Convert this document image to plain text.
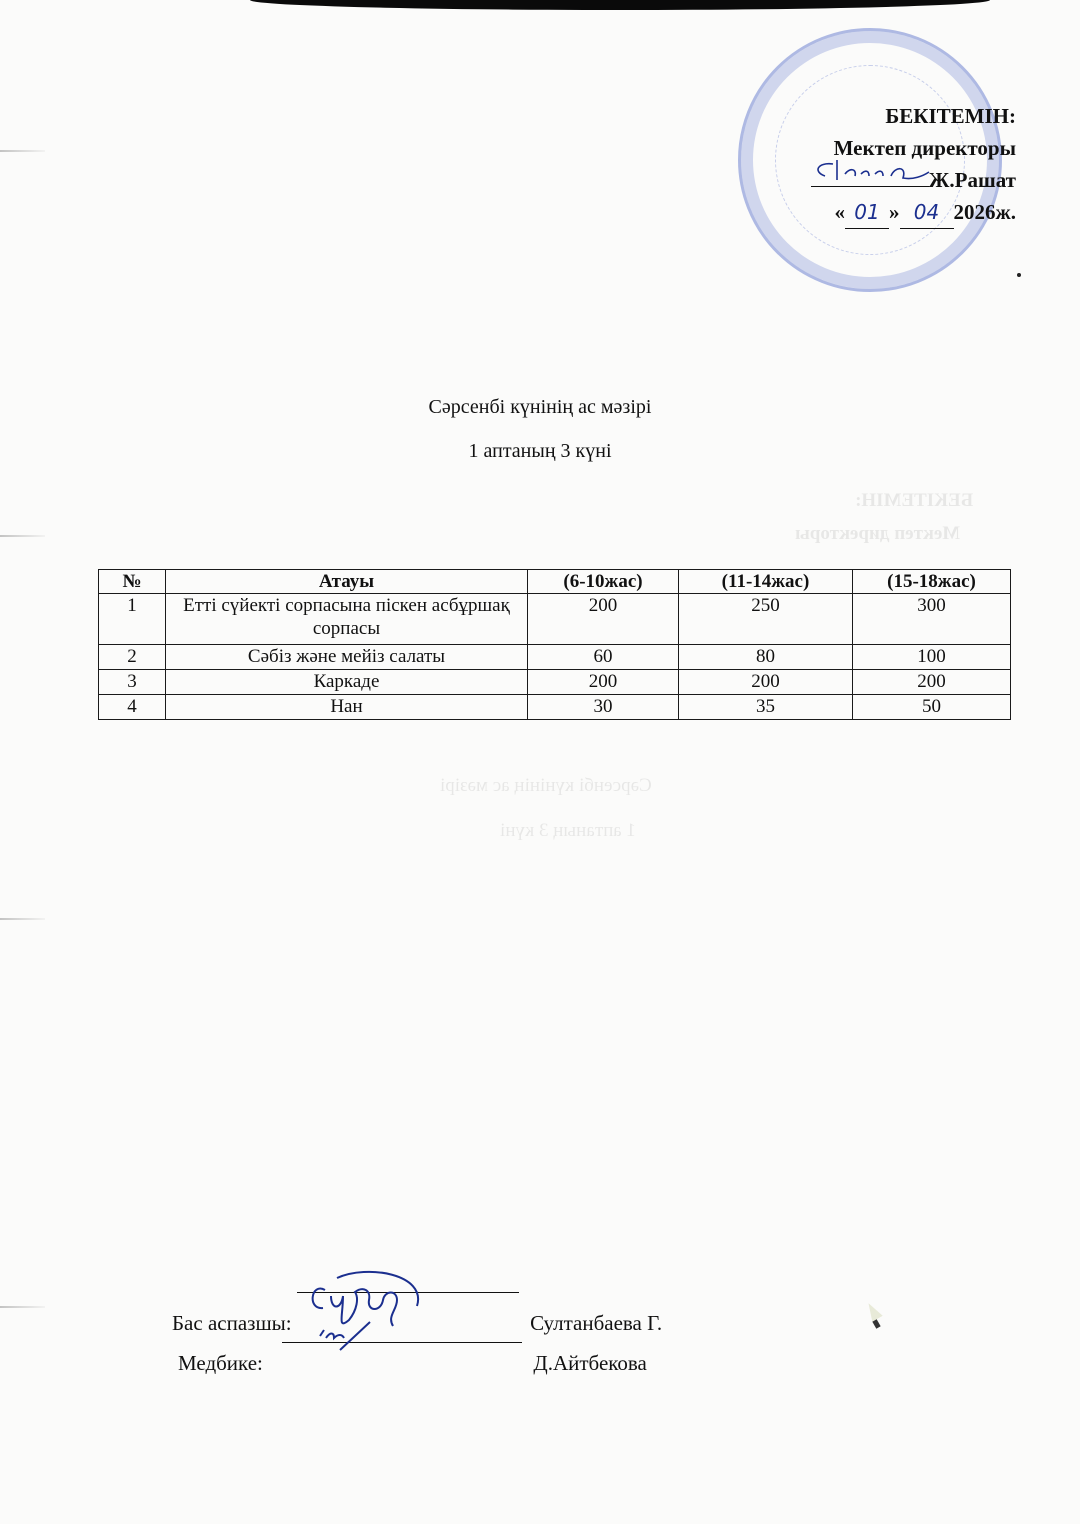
БЕКІТЕМІН:
Мектеп директоры
Сәрсенбі күнінің ас мәзірі
1 аптаның 3 күні
БЕКІТЕМІН:
Мектеп директоры
Ж.Рашат
« 01 » 04 2026ж.
Сәрсенбі күнінің ас мәзірі
1 аптаның 3 күні
№	Атауы	(6-10жас)	(11-14жас)	(15-18жас)
1	Етті сүйекті сорпасына піскен асбұршақ сорпасы	200	250	300
2	Сәбіз және мейіз салаты	60	80	100
3	Каркаде	200	200	200
4	Нан	30	35	50
Бас аспазшы:	Султанбаева Г.
Медбике:	Д.Айтбекова
